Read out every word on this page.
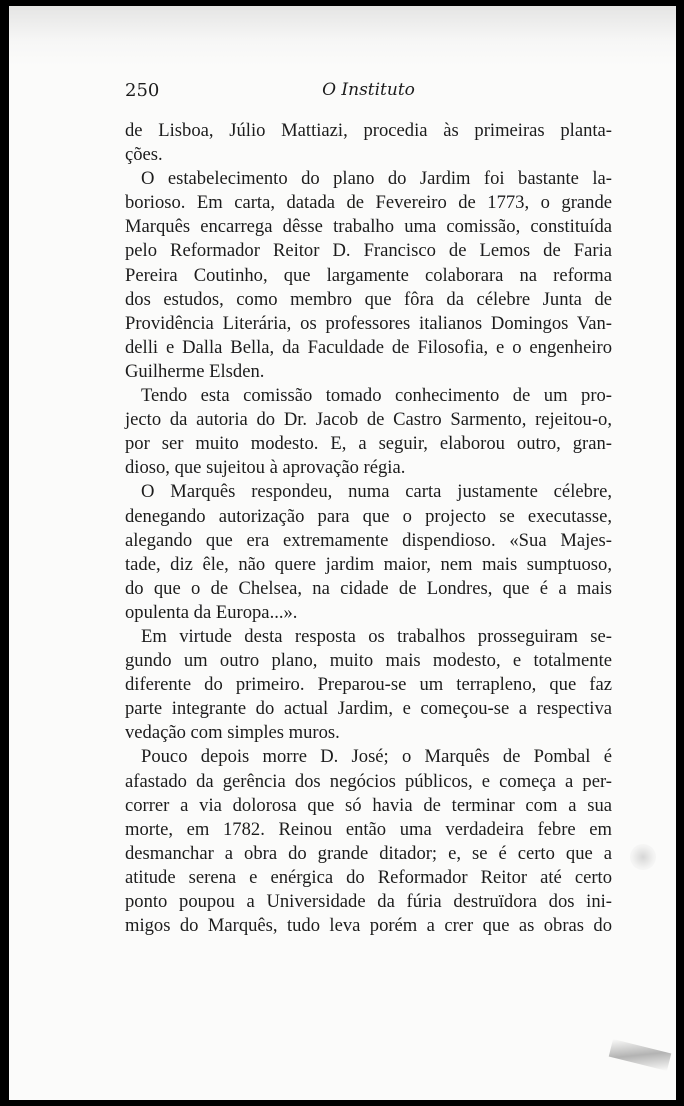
250	O Instituto
de Lisboa, Júlio Mattiazi, procedia às primeiras planta-
ções.
O estabelecimento do plano do Jardim foi bastante la-
borioso. Em carta, datada de Fevereiro de 1773, o grande
Marquês encarrega dêsse trabalho uma comissão, constituída
pelo Reformador Reitor D. Francisco de Lemos de Faria
Pereira Coutinho, que largamente colaborara na reforma
dos estudos, como membro que fôra da célebre Junta de
Providência Literária, os professores italianos Domingos Van-
delli e Dalla Bella, da Faculdade de Filosofia, e o engenheiro
Guilherme Elsden.
Tendo esta comissão tomado conhecimento de um pro-
jecto da autoria do Dr. Jacob de Castro Sarmento, rejeitou-o,
por ser muito modesto. E, a seguir, elaborou outro, gran-
dioso, que sujeitou à aprovação régia.
O Marquês respondeu, numa carta justamente célebre,
denegando autorização para que o projecto se executasse,
alegando que era extremamente dispendioso. «Sua Majes-
tade, diz êle, não quere jardim maior, nem mais sumptuoso,
do que o de Chelsea, na cidade de Londres, que é a mais
opulenta da Europa...».
Em virtude desta resposta os trabalhos prosseguiram se-
gundo um outro plano, muito mais modesto, e totalmente
diferente do primeiro. Preparou-se um terrapleno, que faz
parte integrante do actual Jardim, e começou-se a respectiva
vedação com simples muros.
Pouco depois morre D. José; o Marquês de Pombal é
afastado da gerência dos negócios públicos, e começa a per-
correr a via dolorosa que só havia de terminar com a sua
morte, em 1782. Reinou então uma verdadeira febre em
desmanchar a obra do grande ditador; e, se é certo que a
atitude serena e enérgica do Reformador Reitor até certo
ponto poupou a Universidade da fúria destruïdora dos ini-
migos do Marquês, tudo leva porém a crer que as obras do
